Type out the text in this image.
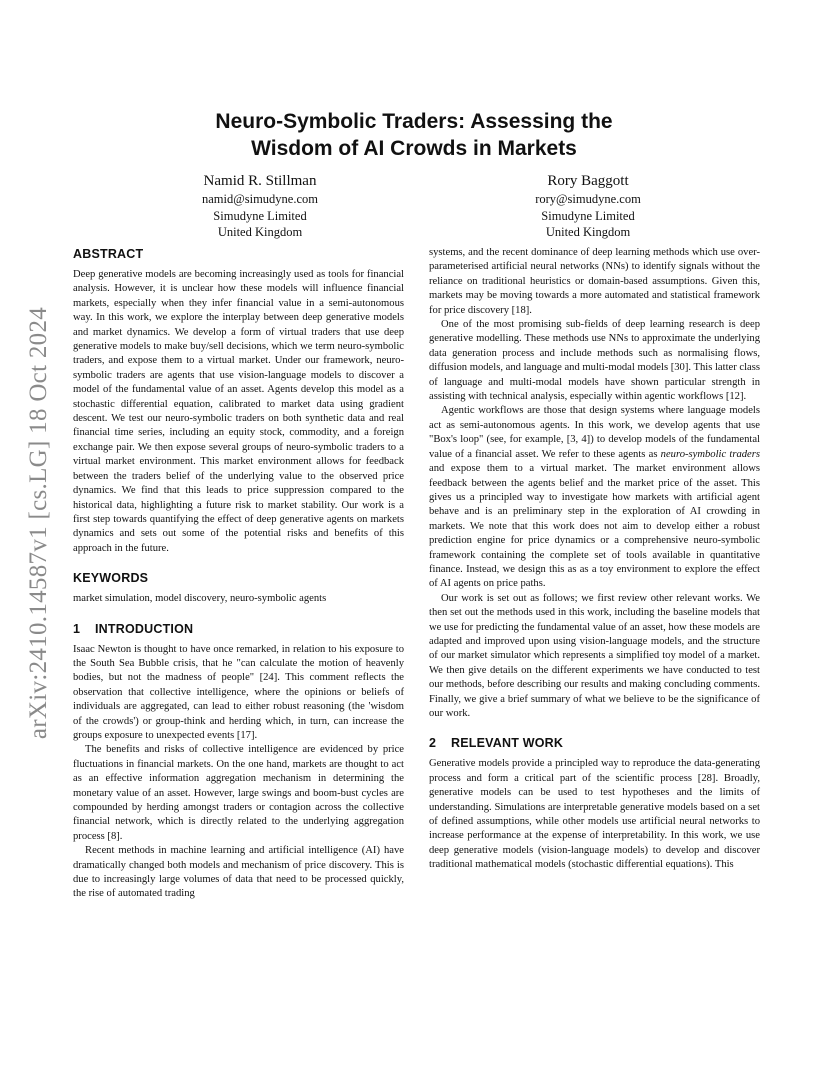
arXiv:2410.14587v1 [cs.LG] 18 Oct 2024
Neuro-Symbolic Traders: Assessing the
Wisdom of AI Crowds in Markets
Namid R. Stillman
namid@simudyne.com
Simudyne Limited
United Kingdom
Rory Baggott
rory@simudyne.com
Simudyne Limited
United Kingdom
ABSTRACT

Deep generative models are becoming increasingly used as tools for financial analysis. However, it is unclear how these models will influence financial markets, especially when they infer financial value in a semi-autonomous way. In this work, we explore the interplay between deep generative models and market dynamics. We develop a form of virtual traders that use deep generative models to make buy/sell decisions, which we term neuro-symbolic traders, and expose them to a virtual market. Under our framework, neuro-symbolic traders are agents that use vision-language models to discover a model of the fundamental value of an asset. Agents develop this model as a stochastic differential equation, calibrated to market data using gradient descent. We test our neuro-symbolic traders on both synthetic data and real financial time series, including an equity stock, commodity, and a foreign exchange pair. We then expose several groups of neuro-symbolic traders to a virtual market environment. This market environment allows for feedback between the traders belief of the underlying value to the observed price dynamics. We find that this leads to price suppression compared to the historical data, highlighting a future risk to market stability. Our work is a first step towards quantifying the effect of deep generative agents on markets dynamics and sets out some of the potential risks and benefits of this approach in the future.

KEYWORDS

market simulation, model discovery, neuro-symbolic agents

1 INTRODUCTION

Isaac Newton is thought to have once remarked, in relation to his exposure to the South Sea Bubble crisis, that he "can calculate the motion of heavenly bodies, but not the madness of people" [24]. This comment reflects the observation that collective intelligence, where the opinions or beliefs of individuals are aggregated, can lead to either robust reasoning (the 'wisdom of the crowds') or group-think and herding which, in turn, can increase the groups exposure to unexpected events [17].

The benefits and risks of collective intelligence are evidenced by price fluctuations in financial markets. On the one hand, markets are thought to act as an effective information aggregation mechanism in determining the monetary value of an asset. However, large swings and boom-bust cycles are compounded by herding amongst traders or contagion across the collective financial network, which is directly related to the underlying aggregation process [8].

Recent methods in machine learning and artificial intelligence (AI) have dramatically changed both models and mechanism of price discovery. This is due to increasingly large volumes of data that need to be processed quickly, the rise of automated trading

systems, and the recent dominance of deep learning methods which use over-parameterised artificial neural networks (NNs) to identify signals without the reliance on traditional heuristics or domain-based assumptions. Given this, markets may be moving towards a more automated and statistical framework for price discovery [18].

One of the most promising sub-fields of deep learning research is deep generative modelling. These methods use NNs to approximate the underlying data generation process and include methods such as normalising flows, diffusion models, and language and multi-modal models [30]. This latter class of language and multi-modal models have shown particular strength in assisting with technical analysis, especially within agentic workflows [12].

Agentic workflows are those that design systems where language models act as semi-autonomous agents. In this work, we develop agents that use "Box's loop" (see, for example, [3, 4]) to develop models of the fundamental value of a financial asset. We refer to these agents as neuro-symbolic traders and expose them to a virtual market. The market environment allows feedback between the agents belief and the market price of the asset. This gives us a principled way to investigate how markets with artificial agent behave and is an preliminary step in the exploration of AI crowding in markets. We note that this work does not aim to develop either a robust prediction engine for price dynamics or a comprehensive neuro-symbolic framework containing the complete set of tools available in quantitative finance. Instead, we design this as as a toy environment to explore the effect of AI agents on price paths.

Our work is set out as follows; we first review other relevant works. We then set out the methods used in this work, including the baseline models that we use for predicting the fundamental value of an asset, how these models are adapted and improved upon using vision-language models, and the structure of our market simulator which represents a simplified toy model of a market. We then give details on the different experiments we have conducted to test our methods, before describing our results and making concluding comments. Finally, we give a brief summary of what we believe to be the significance of our work.

2 RELEVANT WORK

Generative models provide a principled way to reproduce the data-generating process and form a critical part of the scientific process [28]. Broadly, generative models can be used to test hypotheses and the limits of understanding. Simulations are interpretable generative models based on a set of defined assumptions, while other models use artificial neural networks to increase performance at the expense of interpretability. In this work, we use deep generative models (vision-language models) to develop and discover traditional mathematical models (stochastic differential equations). This
